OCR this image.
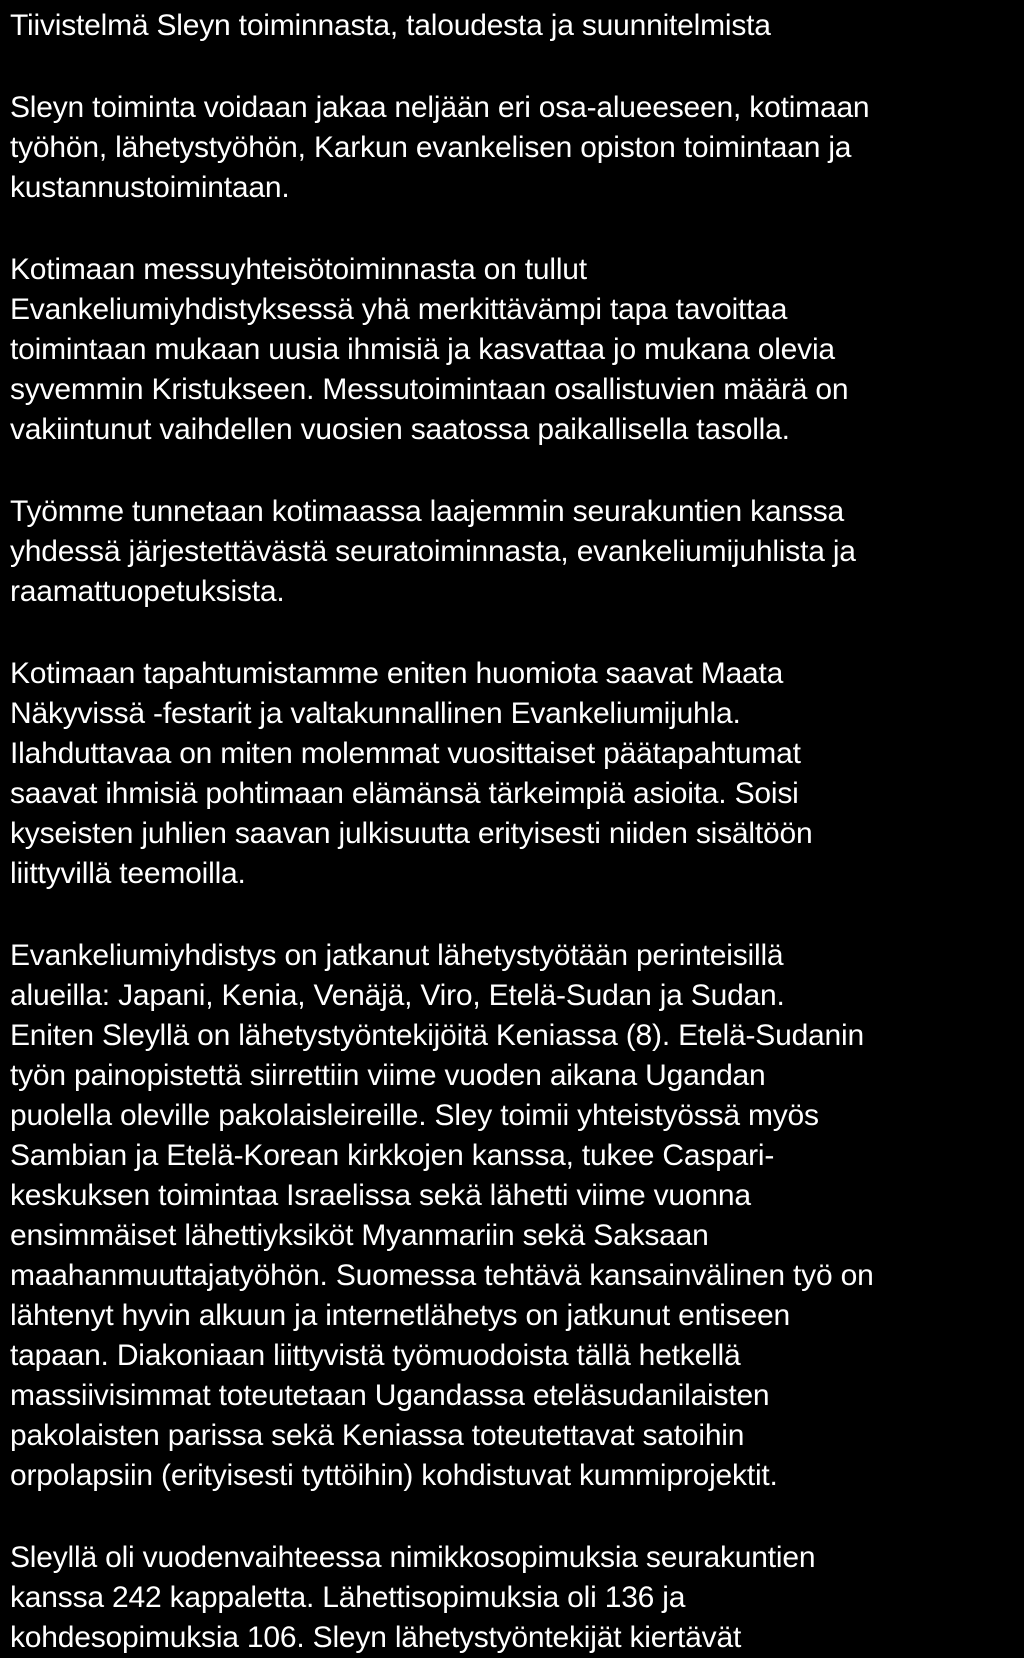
Tiivistelmä Sleyn toiminnasta, taloudesta ja suunnitelmista
Sleyn toiminta voidaan jakaa neljään eri osa-alueeseen, kotimaan
työhön, lähetystyöhön, Karkun evankelisen opiston toimintaan ja
kustannustoimintaan.
Kotimaan messuyhteisötoiminnasta on tullut
Evankeliumiyhdistyksessä yhä merkittävämpi tapa tavoittaa
toimintaan mukaan uusia ihmisiä ja kasvattaa jo mukana olevia
syvemmin Kristukseen. Messutoimintaan osallistuvien määrä on
vakiintunut vaihdellen vuosien saatossa paikallisella tasolla.
Työmme tunnetaan kotimaassa laajemmin seurakuntien kanssa
yhdessä järjestettävästä seuratoiminnasta, evankeliumijuhlista ja
raamattuopetuksista.
Kotimaan tapahtumistamme eniten huomiota saavat Maata
Näkyvissä -festarit ja valtakunnallinen Evankeliumijuhla.
Ilahduttavaa on miten molemmat vuosittaiset päätapahtumat
saavat ihmisiä pohtimaan elämänsä tärkeimpiä asioita. Soisi
kyseisten juhlien saavan julkisuutta erityisesti niiden sisältöön
liittyvillä teemoilla.
Evankeliumiyhdistys on jatkanut lähetystyötään perinteisillä
alueilla: Japani, Kenia, Venäjä, Viro, Etelä-Sudan ja Sudan.
Eniten Sleyllä on lähetystyöntekijöitä Keniassa (8). Etelä-Sudanin
työn painopistettä siirrettiin viime vuoden aikana Ugandan
puolella oleville pakolaisleireille. Sley toimii yhteistyössä myös
Sambian ja Etelä-Korean kirkkojen kanssa, tukee Caspari-
keskuksen toimintaa Israelissa sekä lähetti viime vuonna
ensimmäiset lähettiyksiköt Myanmariin sekä Saksaan
maahanmuuttajatyöhön. Suomessa tehtävä kansainvälinen työ on
lähtenyt hyvin alkuun ja internetlähetys on jatkunut entiseen
tapaan. Diakoniaan liittyvistä työmuodoista tällä hetkellä
massiivisimmat toteutetaan Ugandassa eteläsudanilaisten
pakolaisten parissa sekä Keniassa toteutettavat satoihin
orpolapsiin (erityisesti tyttöihin) kohdistuvat kummiprojektit.
Sleyllä oli vuodenvaihteessa nimikkosopimuksia seurakuntien
kanssa 242 kappaletta. Lähettisopimuksia oli 136 ja
kohdesopimuksia 106. Sleyn lähetystyöntekijät kiertävät
